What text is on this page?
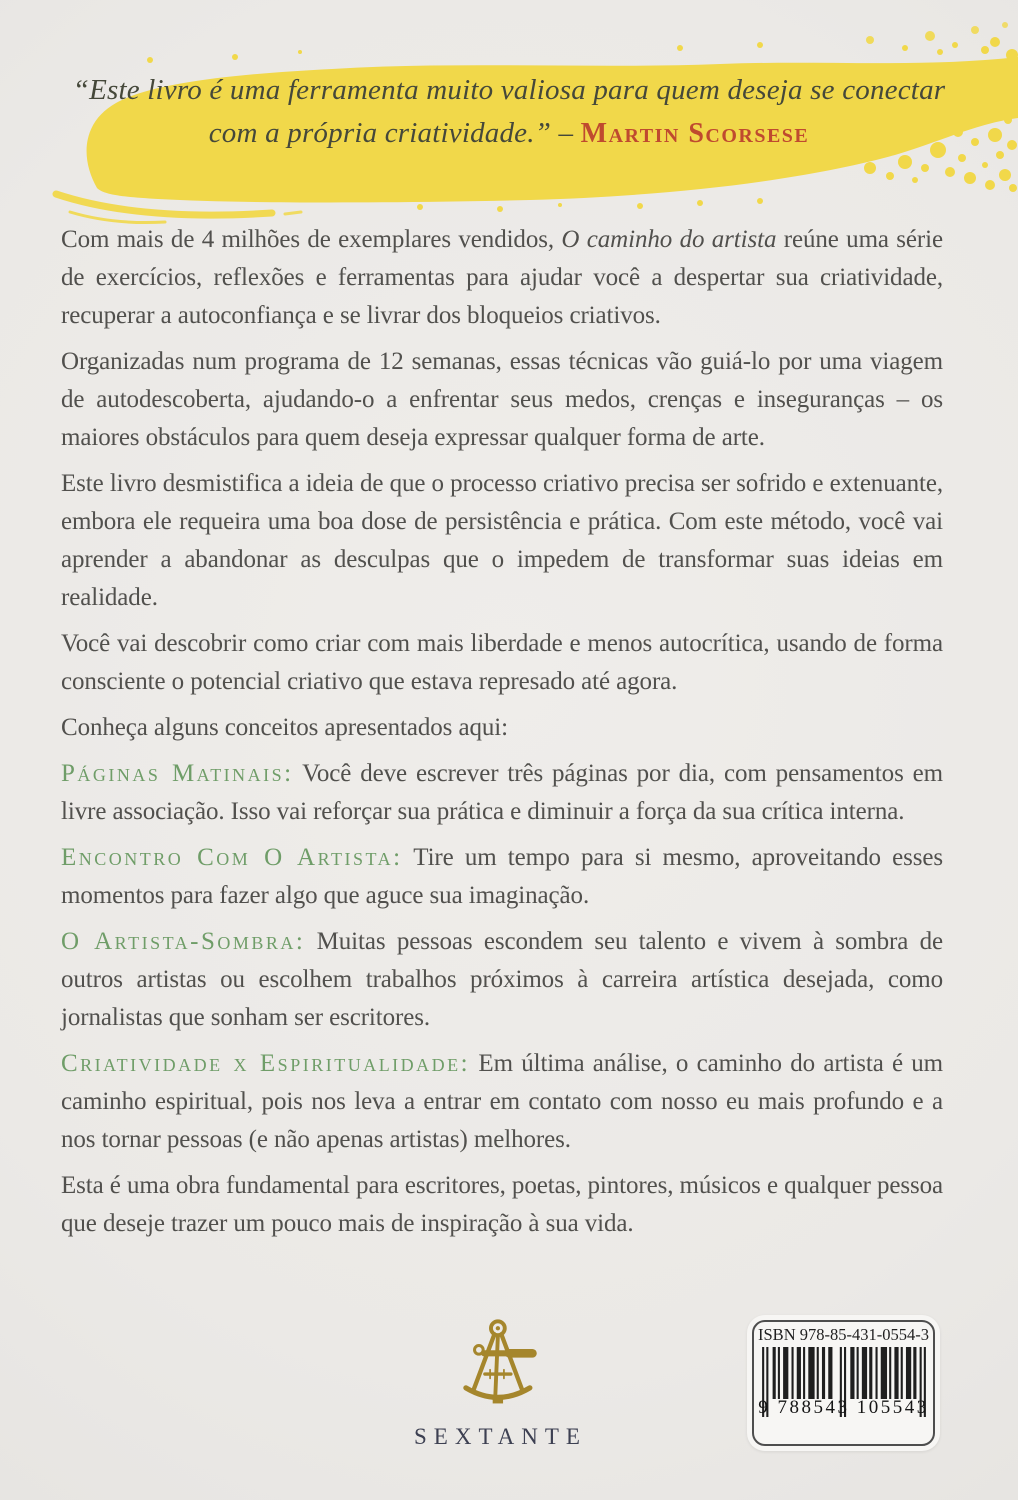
“Este livro é uma ferramenta muito valiosa para quem deseja se conectar
com a própria criatividade.” – Martin Scorsese

Com mais de 4 milhões de exemplares vendidos, O caminho do artista reúne uma série de exercícios, reflexões e ferramentas para ajudar você a despertar sua criatividade, recuperar a autoconfiança e se livrar dos bloqueios criativos.

Organizadas num programa de 12 semanas, essas técnicas vão guiá-lo por uma viagem de autodescoberta, ajudando-o a enfrentar seus medos, crenças e inseguranças – os maiores obstáculos para quem deseja expressar qualquer forma de arte.

Este livro desmistifica a ideia de que o processo criativo precisa ser sofrido e extenuante, embora ele requeira uma boa dose de persistência e prática. Com este método, você vai aprender a abandonar as desculpas que o impedem de transformar suas ideias em realidade.

Você vai descobrir como criar com mais liberdade e menos autocrítica, usando de forma consciente o potencial criativo que estava represado até agora.

Conheça alguns conceitos apresentados aqui:

Páginas Matinais: Você deve escrever três páginas por dia, com pensamentos em livre associação. Isso vai reforçar sua prática e diminuir a força da sua crítica interna.

Encontro Com O Artista: Tire um tempo para si mesmo, aproveitando esses momentos para fazer algo que aguce sua imaginação.

O Artista-Sombra: Muitas pessoas escondem seu talento e vivem à sombra de outros artistas ou escolhem trabalhos próximos à carreira artística desejada, como jornalistas que sonham ser escritores.

Criatividade x Espiritualidade: Em última análise, o caminho do artista é um caminho espiritual, pois nos leva a entrar em contato com nosso eu mais profundo e a nos tornar pessoas (e não apenas artistas) melhores.

Esta é uma obra fundamental para escritores, poetas, pintores, músicos e qualquer pessoa que deseje trazer um pouco mais de inspiração à sua vida.

SEXTANTE
ISBN 978-85-431-0554-3
9 788543 105543
